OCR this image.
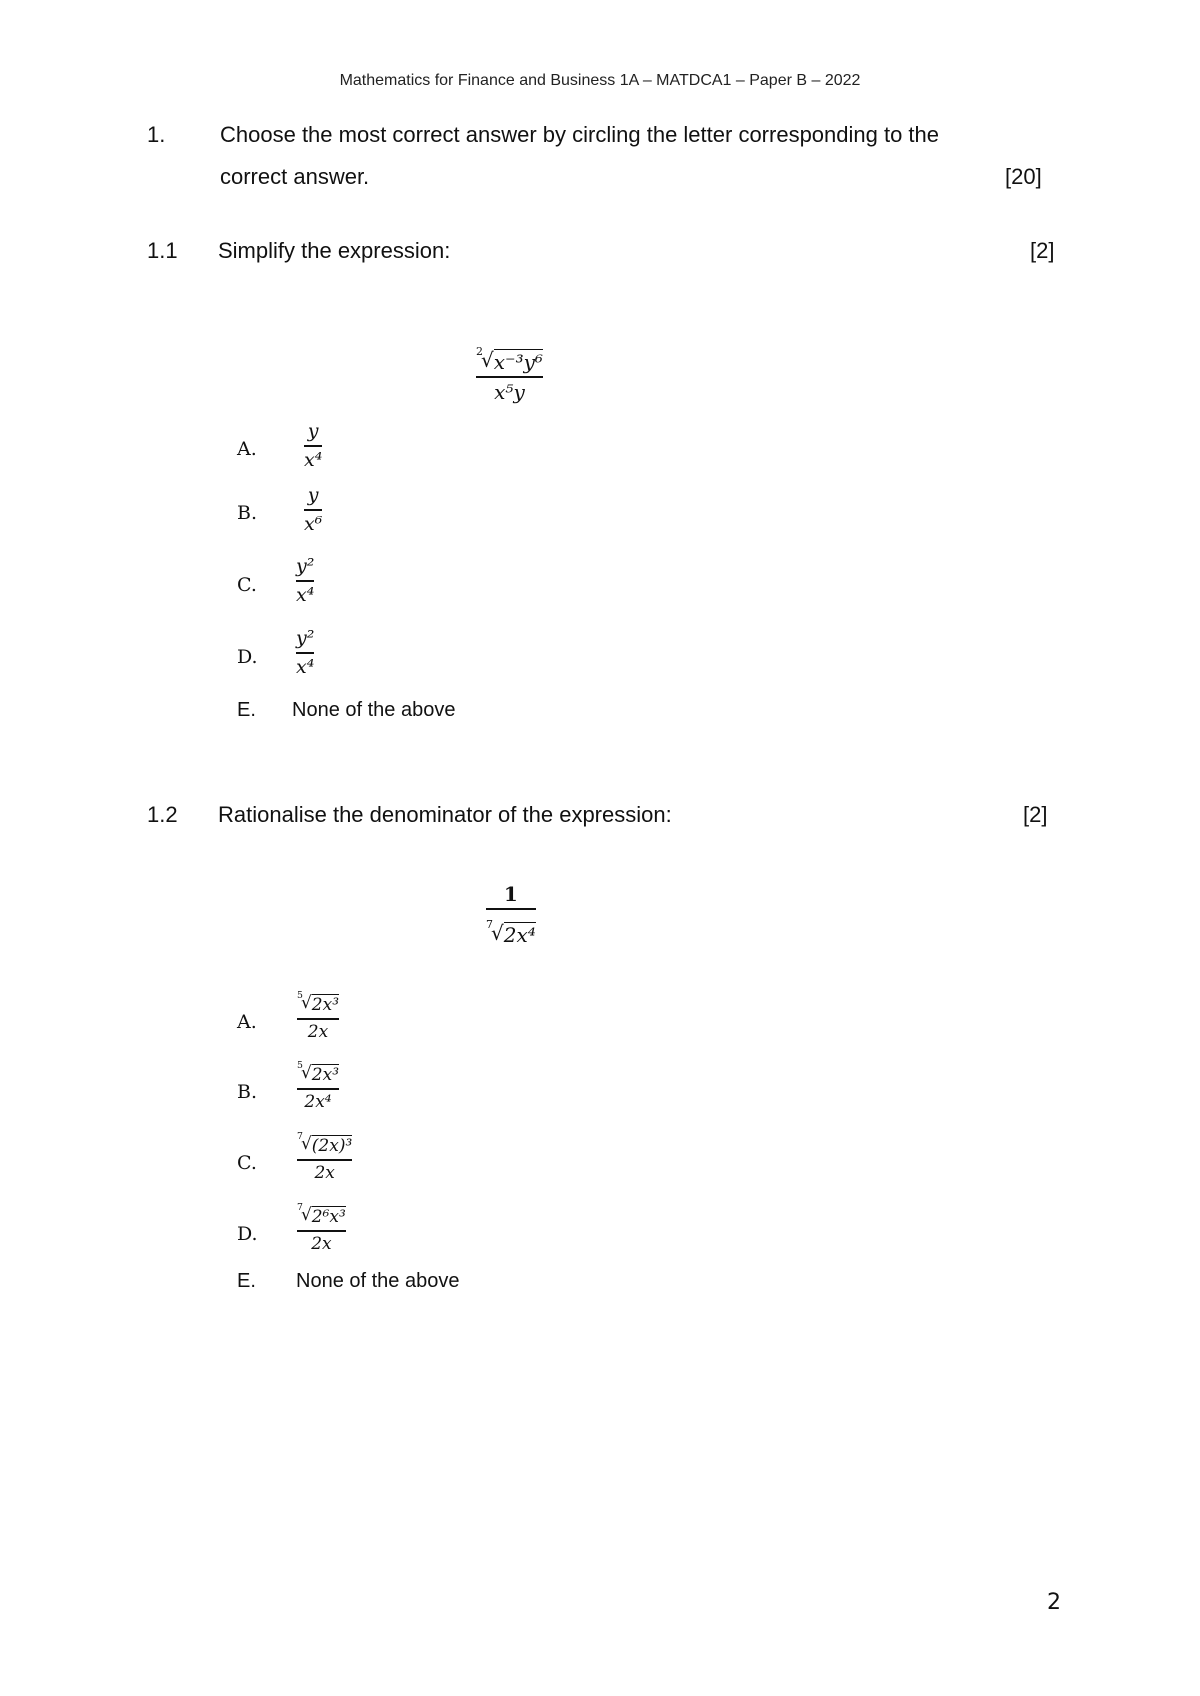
Mathematics for Finance and Business 1A – MATDCA1 – Paper B – 2022
1. Choose the most correct answer by circling the letter corresponding to the
correct answer.	[20]
1.1 Simplify the expression:	[2]
2
√ x⁻³y⁶
x⁵y
A.
y
x⁴
B.
y
x⁶
C.
y²
x⁴
D.
y²
x⁴
E. None of the above
1.2 Rationalise the denominator of the expression:	[2]
1
7
√ 2x⁴
A.
5
√ 2x³
2x
B.
5
√ 2x³
2x⁴
C.
7
√ (2x)³
2x
D.
7
√ 2⁶x³
2x
E. None of the above
2
